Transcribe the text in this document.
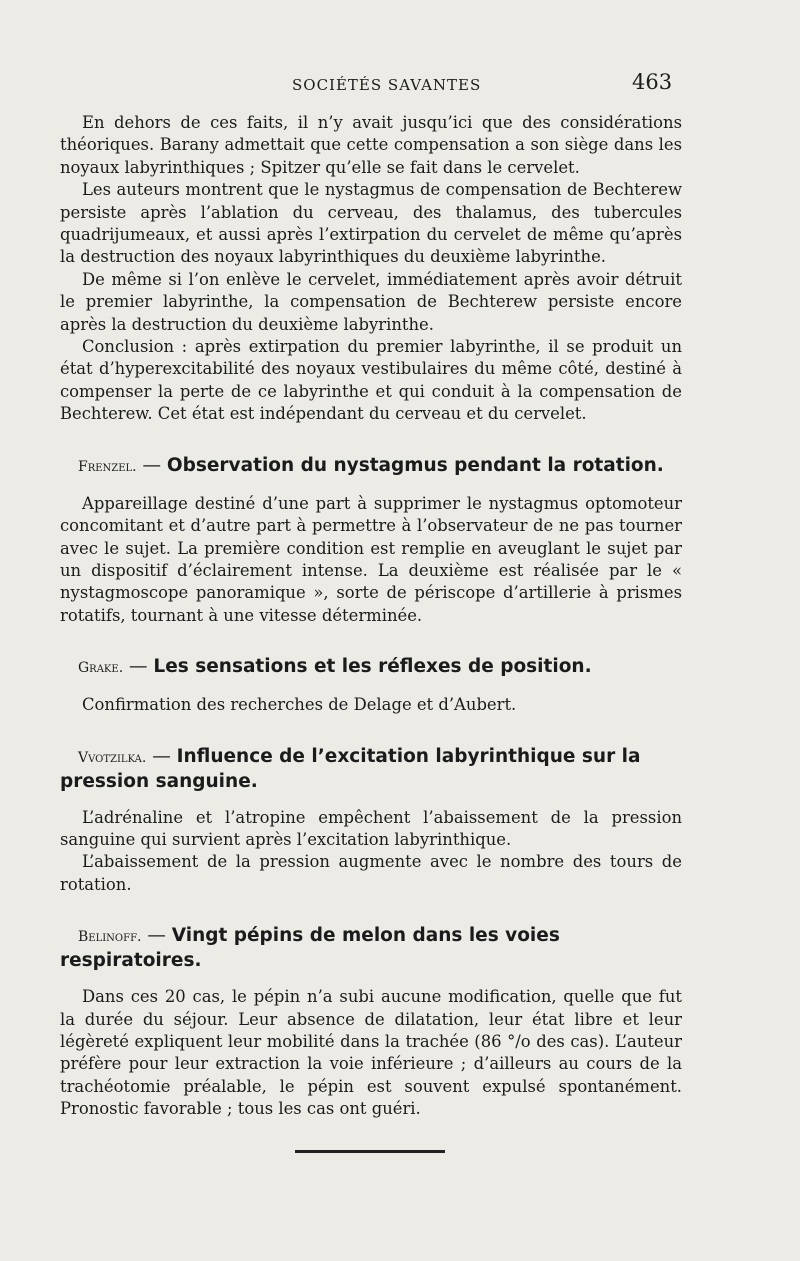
SOCIÉTÉS SAVANTES	463

En dehors de ces faits, il n’y avait jusqu’ici que des considérations théoriques. Barany admettait que cette compensation a son siège dans les noyaux labyrinthiques ; Spitzer qu’elle se fait dans le cervelet.

Les auteurs montrent que le nystagmus de compensation de Bechterew persiste après l’ablation du cerveau, des thalamus, des tubercules quadrijumeaux, et aussi après l’extirpation du cervelet de même qu’après la destruction des noyaux labyrinthiques du deuxième labyrinthe.

De même si l’on enlève le cervelet, immédiatement après avoir détruit le premier labyrinthe, la compensation de Bechterew persiste encore après la destruction du deuxième labyrinthe.

Conclusion : après extirpation du premier labyrinthe, il se produit un état d’hyperexcitabilité des noyaux vestibulaires du même côté, destiné à compenser la perte de ce labyrinthe et qui conduit à la compensation de Bechterew. Cet état est indépendant du cerveau et du cervelet.

Frenzel. — Observation du nystagmus pendant la rotation.

Appareillage destiné d’une part à supprimer le nystagmus optomoteur concomitant et d’autre part à permettre à l’observateur de ne pas tourner avec le sujet. La première condition est remplie en aveuglant le sujet par un dispositif d’éclairement intense. La deuxième est réalisée par le « nystagmoscope panoramique », sorte de périscope d’artillerie à prismes rotatifs, tournant à une vitesse déterminée.

Grake. — Les sensations et les réflexes de position.

Confirmation des recherches de Delage et d’Aubert.

Vvotzilka. — Influence de l’excitation labyrinthique sur la pression sanguine.

L’adrénaline et l’atropine empêchent l’abaissement de la pression sanguine qui survient après l’excitation labyrinthique.

L’abaissement de la pression augmente avec le nombre des tours de rotation.

Belinoff. — Vingt pépins de melon dans les voies respiratoires.

Dans ces 20 cas, le pépin n’a subi aucune modification, quelle que fut la durée du séjour. Leur absence de dilatation, leur état libre et leur légèreté expliquent leur mobilité dans la trachée (86 °/o des cas). L’auteur préfère pour leur extraction la voie inférieure ; d’ailleurs au cours de la trachéotomie préalable, le pépin est souvent expulsé spontanément. Pronostic favorable ; tous les cas ont guéri.
